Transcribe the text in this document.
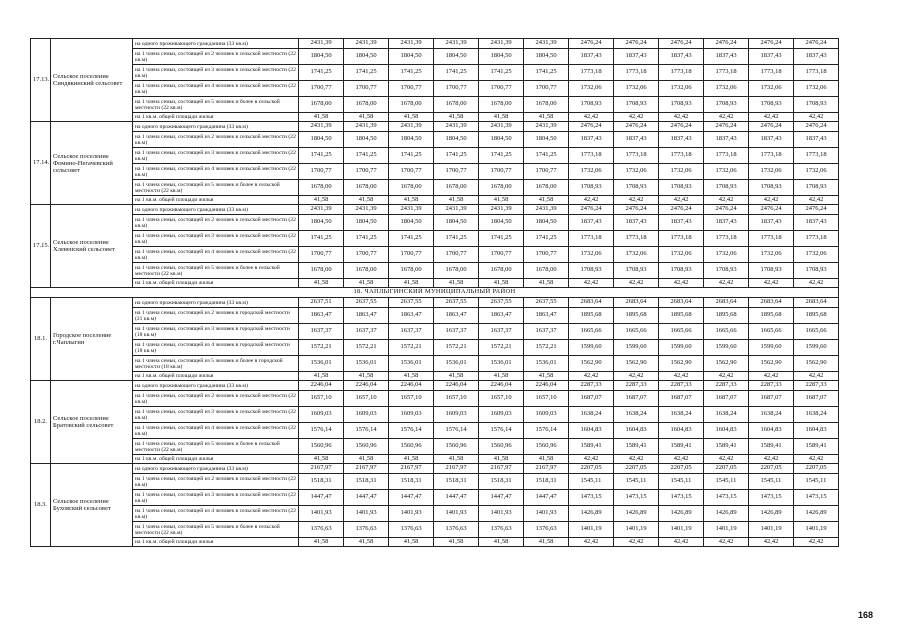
17.13.	Сельское поселение Синдякинский сельсовет	на одного проживающего гражданина (33 кв.м)	2431,39	2431,39	2431,39	2431,39	2431,39	2431,39	2476,24	2476,24	2476,24	2476,24	2476,24	2476,24
		на 1 члена семьи, состоящей из 2 человек в сельской местности (22 кв.м)	1804,50	1804,50	1804,50	1804,50	1804,50	1804,50	1837,43	1837,43	1837,43	1837,43	1837,43	1837,43
		на 1 члена семьи, состоящей из 3 человек в сельской местности (22 кв.м)	1741,25	1741,25	1741,25	1741,25	1741,25	1741,25	1773,18	1773,18	1773,18	1773,18	1773,18	1773,18
		на 1 члена семьи, состоящей из 4 человек в сельской местности (22 кв.м)	1700,77	1700,77	1700,77	1700,77	1700,77	1700,77	1732,06	1732,06	1732,06	1732,06	1732,06	1732,06
		на 1 члена семьи, состоящей из 5 человек и более в сельской местности (22 кв.м)	1678,00	1678,00	1678,00	1678,00	1678,00	1678,00	1708,93	1708,93	1708,93	1708,93	1708,93	1708,93
		на 1 кв.м. общей площади жилья	41,58	41,58	41,58	41,58	41,58	41,58	42,42	42,42	42,42	42,42	42,42	42,42
17.14.	Сельское поселение Фомино-Негачевский сельсовет	на одного проживающего гражданина (33 кв.м)	2431,39	2431,39	2431,39	2431,39	2431,39	2431,39	2476,24	2476,24	2476,24	2476,24	2476,24	2476,24
		на 1 члена семьи, состоящей из 2 человек в сельской местности (22 кв.м)	1804,50	1804,50	1804,50	1804,50	1804,50	1804,50	1837,43	1837,43	1837,43	1837,43	1837,43	1837,43
		на 1 члена семьи, состоящей из 3 человек в сельской местности (22 кв.м)	1741,25	1741,25	1741,25	1741,25	1741,25	1741,25	1773,18	1773,18	1773,18	1773,18	1773,18	1773,18
		на 1 члена семьи, состоящей из 4 человек в сельской местности (22 кв.м)	1700,77	1700,77	1700,77	1700,77	1700,77	1700,77	1732,06	1732,06	1732,06	1732,06	1732,06	1732,06
		на 1 члена семьи, состоящей из 5 человек и более в сельской местности (22 кв.м)	1678,00	1678,00	1678,00	1678,00	1678,00	1678,00	1708,93	1708,93	1708,93	1708,93	1708,93	1708,93
		на 1 кв.м. общей площади жилья	41,58	41,58	41,58	41,58	41,58	41,58	42,42	42,42	42,42	42,42	42,42	42,42
17.15.	Сельское поселение Хлевенский сельсовет	на одного проживающего гражданина (33 кв.м)	2431,39	2431,39	2431,39	2431,39	2431,39	2431,39	2476,24	2476,24	2476,24	2476,24	2476,24	2476,24
		на 1 члена семьи, состоящей из 2 человек в сельской местности (22 кв.м)	1804,50	1804,50	1804,50	1804,50	1804,50	1804,50	1837,43	1837,43	1837,43	1837,43	1837,43	1837,43
		на 1 члена семьи, состоящей из 3 человек в сельской местности (22 кв.м)	1741,25	1741,25	1741,25	1741,25	1741,25	1741,25	1773,18	1773,18	1773,18	1773,18	1773,18	1773,18
		на 1 члена семьи, состоящей из 4 человек в сельской местности (22 кв.м)	1700,77	1700,77	1700,77	1700,77	1700,77	1700,77	1732,06	1732,06	1732,06	1732,06	1732,06	1732,06
		на 1 члена семьи, состоящей из 5 человек и более в сельской местности (22 кв.м)	1678,00	1678,00	1678,00	1678,00	1678,00	1678,00	1708,93	1708,93	1708,93	1708,93	1708,93	1708,93
		на 1 кв.м. общей площади жилья	41,58	41,58	41,58	41,58	41,58	41,58	42,42	42,42	42,42	42,42	42,42	42,42
18. ЧАПЛЫГИНСКИЙ МУНИЦИПАЛЬНЫЙ РАЙОН														
18.1.	Городское поселение г.Чаплыгин	на одного проживающего гражданина (33 кв.м)	2637,51	2637,55	2637,55	2637,55	2637,55	2637,55	2683,64	2683,64	2683,64	2683,64	2683,64	2683,64
		на 1 члена семьи, состоящей из 2 человек в городской местности (21 кв.м)	1863,47	1863,47	1863,47	1863,47	1863,47	1863,47	1895,68	1895,68	1895,68	1895,68	1895,68	1895,68
		на 1 члена семьи, состоящей из 3 человек в городской местности (18 кв.м)	1637,37	1637,37	1637,37	1637,37	1637,37	1637,37	1665,66	1665,66	1665,66	1665,66	1665,66	1665,66
		на 1 члена семьи, состоящей из 4 человек в городской местности (18 кв.м)	1572,21	1572,21	1572,21	1572,21	1572,21	1572,21	1599,60	1599,60	1599,60	1599,60	1599,60	1599,60
		на 1 члена семьи, состоящей из 5 человек и более в городской местности (18 кв.м)	1536,01	1536,01	1536,01	1536,01	1536,01	1536,01	1562,90	1562,90	1562,90	1562,90	1562,90	1562,90
		на 1 кв.м. общей площади жилья	41,58	41,58	41,58	41,58	41,58	41,58	42,42	42,42	42,42	42,42	42,42	42,42
18.2.	Сельское поселение Братовский сельсовет	на одного проживающего гражданина (33 кв.м)	2246,04	2246,04	2246,04	2246,04	2246,04	2246,04	2287,33	2287,33	2287,33	2287,33	2287,33	2287,33
		на 1 члена семьи, состоящей из 2 человек в сельской местности (22 кв.м)	1657,10	1657,10	1657,10	1657,10	1657,10	1657,10	1687,07	1687,07	1687,07	1687,07	1687,07	1687,07
		на 1 члена семьи, состоящей из 3 человек в сельской местности (22 кв.м)	1609,03	1609,03	1609,03	1609,03	1609,03	1609,03	1638,24	1638,24	1638,24	1638,24	1638,24	1638,24
		на 1 члена семьи, состоящей из 4 человек в сельской местности (22 кв.м)	1576,14	1576,14	1576,14	1576,14	1576,14	1576,14	1604,83	1604,83	1604,83	1604,83	1604,83	1604,83
		на 1 члена семьи, состоящей из 5 человек и более в сельской местности (22 кв.м)	1560,96	1560,96	1560,96	1560,96	1560,96	1560,96	1589,41	1589,41	1589,41	1589,41	1589,41	1589,41
		на 1 кв.м. общей площади жилья	41,58	41,58	41,58	41,58	41,58	41,58	42,42	42,42	42,42	42,42	42,42	42,42
18.3.	Сельское поселение Буховский сельсовет	на одного проживающего гражданина (33 кв.м)	2167,97	2167,97	2167,97	2167,97	2167,97	2167,97	2207,05	2207,05	2207,05	2207,05	2207,05	2207,05
		на 1 члена семьи, состоящей из 2 человек в сельской местности (22 кв.м)	1518,31	1518,31	1518,31	1518,31	1518,31	1518,31	1545,11	1545,11	1545,11	1545,11	1545,11	1545,11
		на 1 члена семьи, состоящей из 3 человек в сельской местности (22 кв.м)	1447,47	1447,47	1447,47	1447,47	1447,47	1447,47	1473,15	1473,15	1473,15	1473,15	1473,15	1473,15
		на 1 члена семьи, состоящей из 4 человек в сельской местности (22 кв.м)	1401,93	1401,93	1401,93	1401,93	1401,93	1401,93	1426,89	1426,89	1426,89	1426,89	1426,89	1426,89
		на 1 члена семьи, состоящей из 5 человек и более в сельской местности (22 кв.м)	1376,63	1376,63	1376,63	1376,63	1376,63	1376,63	1401,19	1401,19	1401,19	1401,19	1401,19	1401,19
		на 1 кв.м. общей площади жилья	41,58	41,58	41,58	41,58	41,58	41,58	42,42	42,42	42,42	42,42	42,42	42,42
168
